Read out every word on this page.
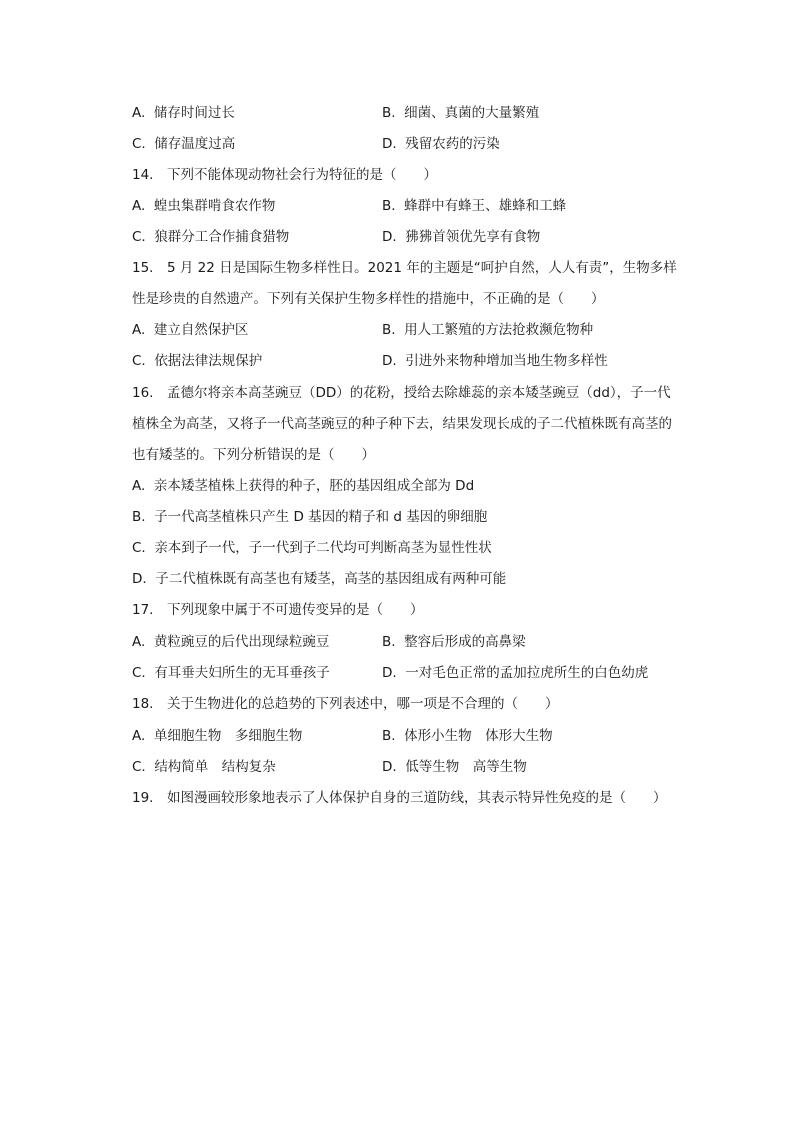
A. 储存时间过长	B. 细菌、真菌的大量繁殖
C. 储存温度过高	D. 残留农药的污染
14. 下列不能体现动物社会行为特征的是（　　）
A. 蝗虫集群啃食农作物	B. 蜂群中有蜂王、雄蜂和工蜂
C. 狼群分工合作捕食猎物	D. 狒狒首领优先享有食物
15. 5 月 22 日是国际生物多样性日。2021 年的主题是“呵护自然，人人有责”，生物多样
性是珍贵的自然遗产。下列有关保护生物多样性的措施中，不正确的是（　　）
A. 建立自然保护区	B. 用人工繁殖的方法抢救濒危物种
C. 依据法律法规保护	D. 引进外来物种增加当地生物多样性
16. 孟德尔将亲本高茎豌豆（DD）的花粉，授给去除雄蕊的亲本矮茎豌豆（dd），子一代
植株全为高茎，又将子一代高茎豌豆的种子种下去，结果发现长成的子二代植株既有高茎的
也有矮茎的。下列分析错误的是（　　）
A. 亲本矮茎植株上获得的种子，胚的基因组成全部为 Dd
B. 子一代高茎植株只产生 D 基因的精子和 d 基因的卵细胞
C. 亲本到子一代，子一代到子二代均可判断高茎为显性性状
D. 子二代植株既有高茎也有矮茎，高茎的基因组成有两种可能
17. 下列现象中属于不可遗传变异的是（　　）
A. 黄粒豌豆的后代出现绿粒豌豆	B. 整容后形成的高鼻梁
C. 有耳垂夫妇所生的无耳垂孩子	D. 一对毛色正常的孟加拉虎所生的白色幼虎
18. 关于生物进化的总趋势的下列表述中，哪一项是不合理的（　　）
A. 单细胞生物　多细胞生物	B. 体形小生物　体形大生物
C. 结构简单　结构复杂	D. 低等生物　高等生物
19. 如图漫画较形象地表示了人体保护自身的三道防线，其表示特异性免疫的是（　　）
